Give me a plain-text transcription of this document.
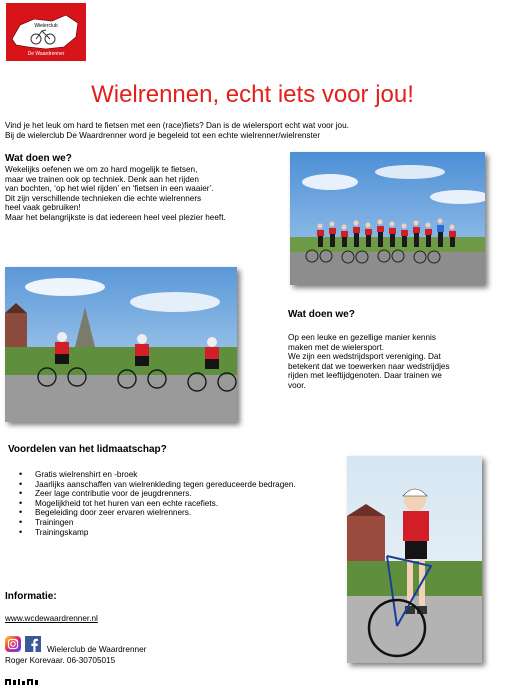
Wielerclub
De Waardrenner
Wielrennen, echt iets voor jou!
Vind je het leuk om hard te fietsen met een (race)fiets? Dan is de wielersport echt wat voor jou.
Bij de wielerclub De Waardrenner word je begeleid tot een echte wielrenner/wielrenster
Wat doen we?
Wekelijks oefenen we om zo hard mogelijk te fietsen,
maar we trainen ook op techniek. Denk aan het rijden
van bochten, ‘op het wiel rijden’ en ‘fietsen in een waaier’.
Dit zijn verschillende technieken die echte wielrenners
heel vaak gebruiken!
Maar het belangrijkste is dat iedereen heel veel plezier heeft.
Wat doen we?
Op een leuke en gezellige manier kennis
maken met de wielersport.
We zijn een wedstrijdsport vereniging. Dat
betekent dat we toewerken naar wedstrijdjes
rijden met leeftijdgenoten. Daar trainen we
voor.
Voordelen van het lidmaatschap?
• Gratis wielrenshirt en -broek
• Jaarlijks aanschaffen van wielrenkleding tegen gereduceerde bedragen.
• Zeer lage contributie voor de jeugdrenners.
• Mogelijkheid tot het huren van een echte racefiets.
• Begeleiding door zeer ervaren wielrenners.
• Trainingen
• Trainingskamp
Informatie:
www.wcdewaardrenner.nl
Wielerclub de Waardrenner
Roger Korevaar. 06-30705015
